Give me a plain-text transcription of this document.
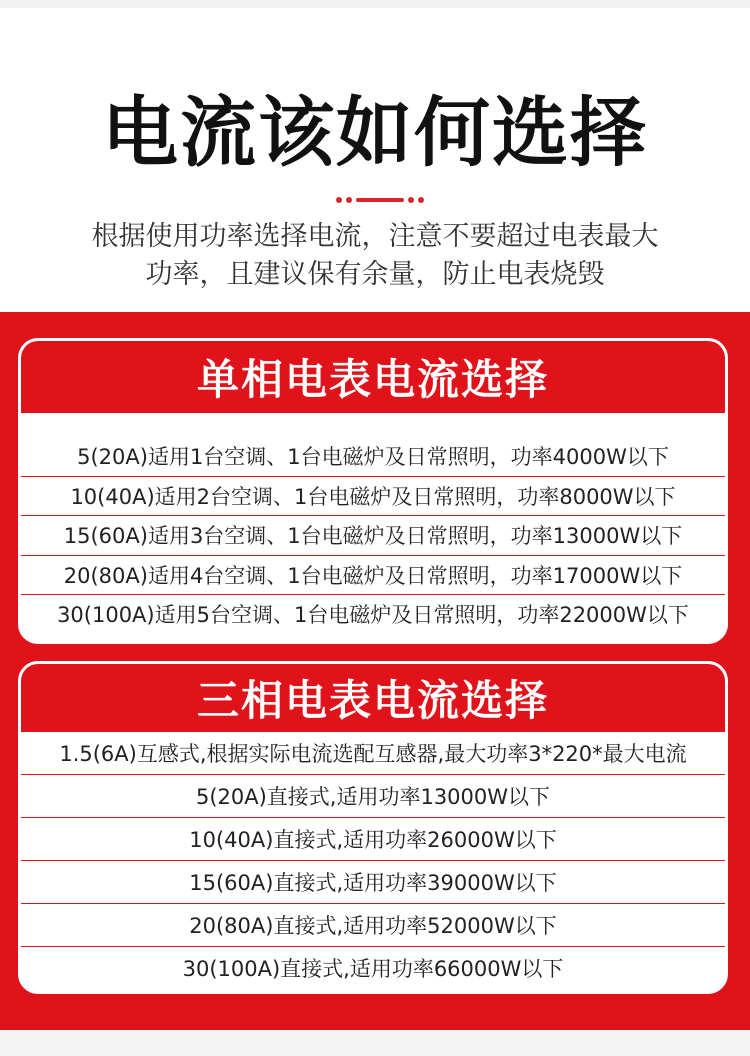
电流该如何选择
根据使用功率选择电流，注意不要超过电表最大
功率，且建议保有余量，防止电表烧毁
单相电表电流选择
5(20A)适用1台空调、1台电磁炉及日常照明，功率4000W以下
10(40A)适用2台空调、1台电磁炉及日常照明，功率8000W以下
15(60A)适用3台空调、1台电磁炉及日常照明，功率13000W以下
20(80A)适用4台空调、1台电磁炉及日常照明，功率17000W以下
30(100A)适用5台空调、1台电磁炉及日常照明，功率22000W以下
三相电表电流选择
1.5(6A)互感式,根据实际电流选配互感器,最大功率3*220*最大电流
5(20A)直接式,适用功率13000W以下
10(40A)直接式,适用功率26000W以下
15(60A)直接式,适用功率39000W以下
20(80A)直接式,适用功率52000W以下
30(100A)直接式,适用功率66000W以下
